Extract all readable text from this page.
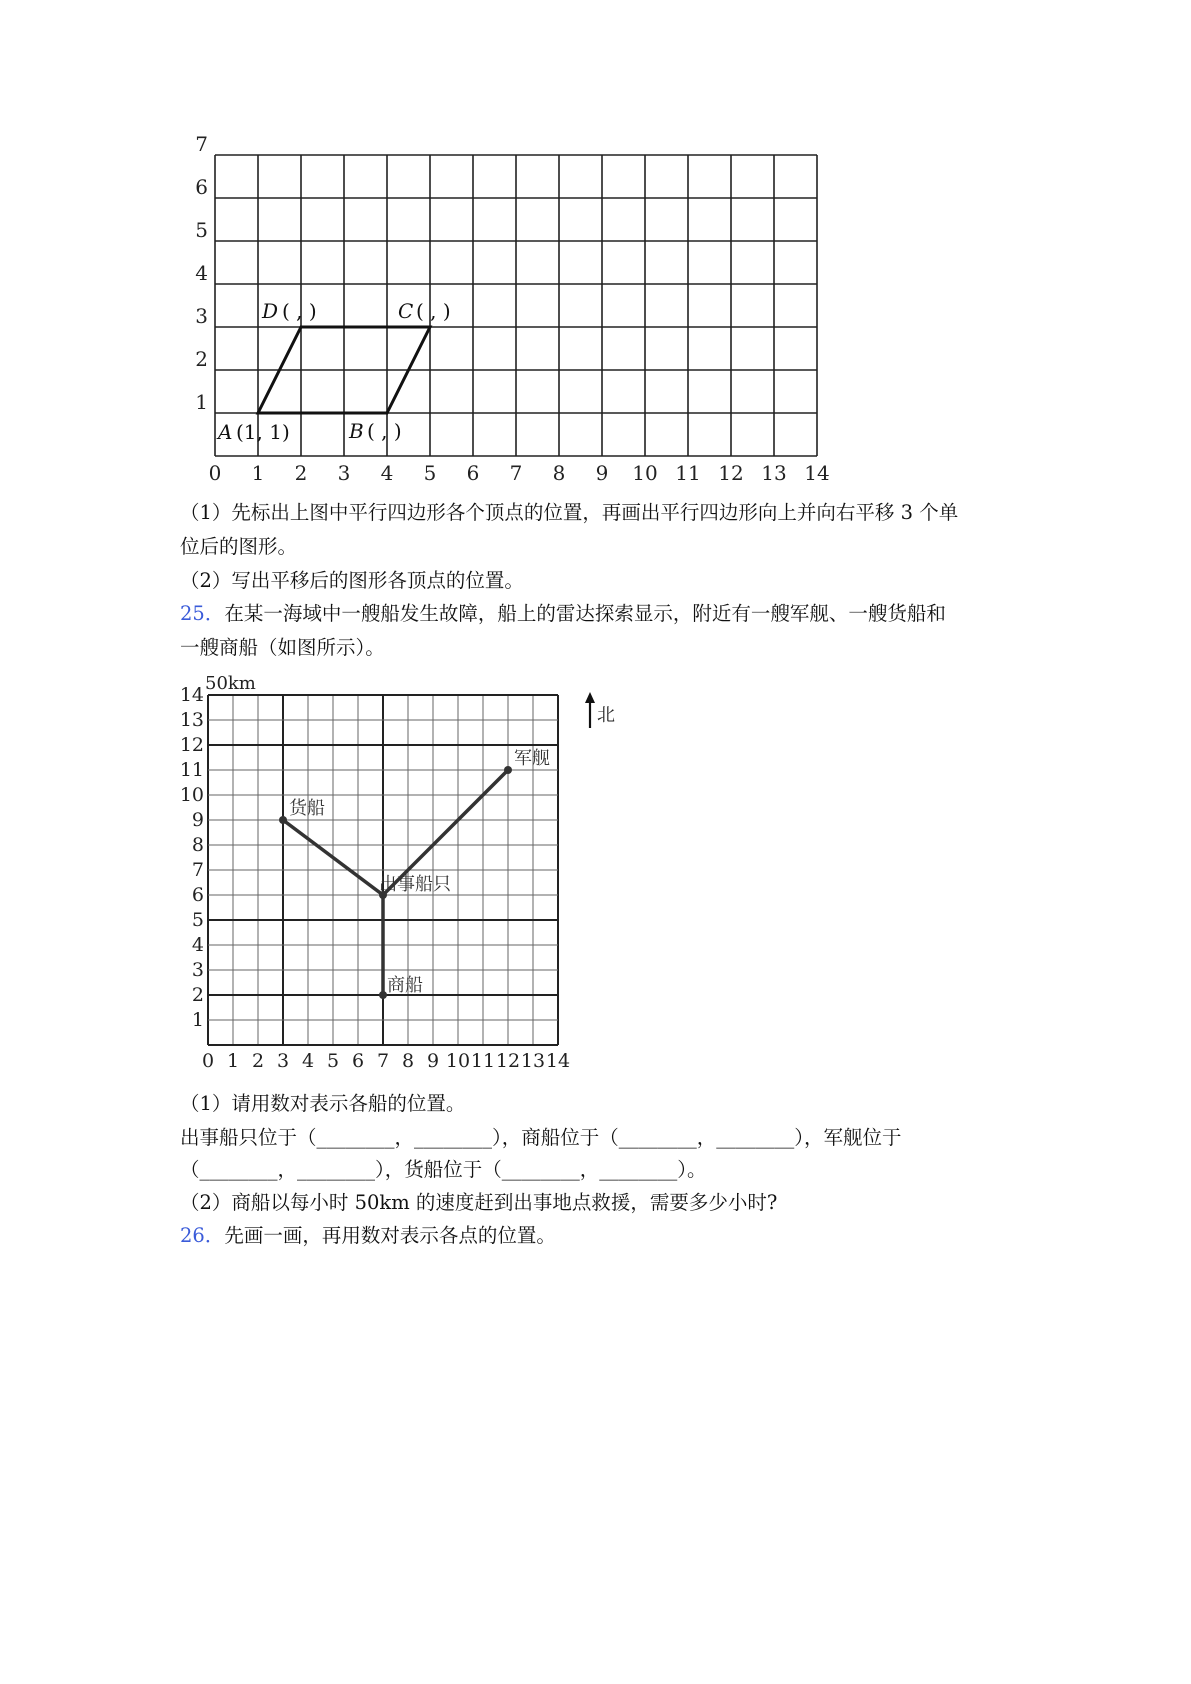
0 1 2 3 4 5 6 7 8 9 10 11 12 13 14
1
2
3
4
5
6
7
A (1, 1)	B ( , )
C ( , )
D ( , )
（1）先标出上图中平行四边形各个顶点的位置，再画出平行四边形向上并向右平移 3 个单
位后的图形。
（2）写出平移后的图形各顶点的位置。
25．在某一海域中一艘船发生故障，船上的雷达探索显示，附近有一艘军舰、一艘货船和
一艘商船（如图所示）。
0 1 2 3 4 5 6 7 8 9 10 11 12 13 14
1
2
3
4
5
6
7
8
9
10
11
12
13
14
50km
北
出事船只
商船
军舰
货船
（1）请用数对表示各船的位置。
出事船只位于（________，________），商船位于（________，________），军舰位于
（________，________），货船位于（________，________）。
（2）商船以每小时 50km 的速度赶到出事地点救援，需要多少小时?
26．先画一画，再用数对表示各点的位置。
